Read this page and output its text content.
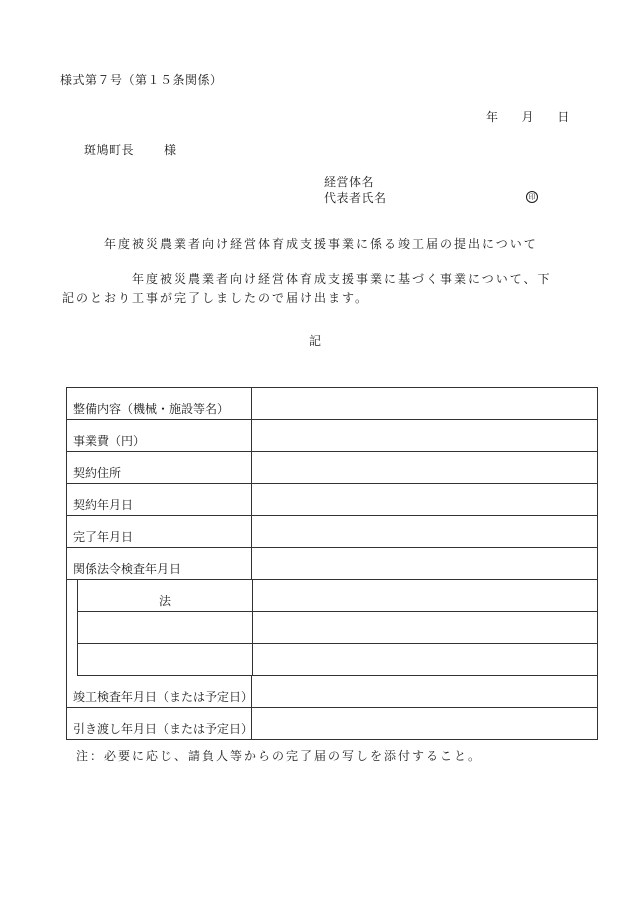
様式第７号（第１５条関係）
年 月 日
斑鳩町長	様
経営体名
代表者氏名	印
年度被災農業者向け経営体育成支援事業に係る竣工届の提出について
年度被災農業者向け経営体育成支援事業に基づく事業について、下
記のとおり工事が完了しましたので届け出ます。
記
整備内容（機械・施設等名）
事業費（円）
契約住所
契約年月日
完了年月日
関係法令検査年月日
法
竣工検査年月日（または予定日）
引き渡し年月日（または予定日）
注：必要に応じ、請負人等からの完了届の写しを添付すること。
